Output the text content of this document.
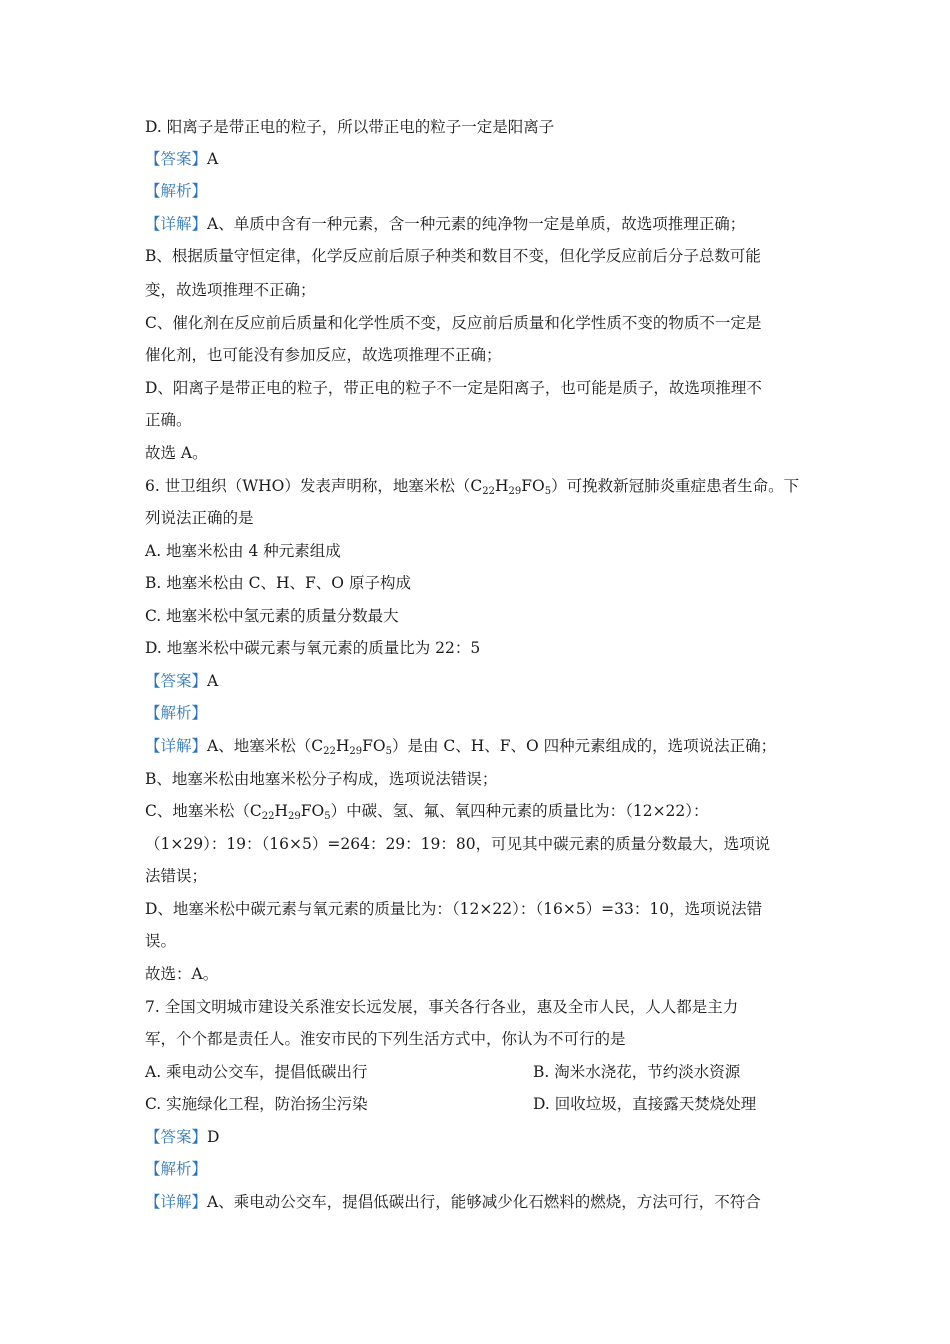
D. 阳离子是带正电的粒子，所以带正电的粒子一定是阳离子
【答案】A
【解析】
【详解】A、单质中含有一种元素，含一种元素的纯净物一定是单质，故选项推理正确；
B、根据质量守恒定律，化学反应前后原子种类和数目不变，但化学反应前后分子总数可能
变，故选项推理不正确；
C、催化剂在反应前后质量和化学性质不变，反应前后质量和化学性质不变的物质不一定是
催化剂，也可能没有参加反应，故选项推理不正确；
D、阳离子是带正电的粒子，带正电的粒子不一定是阳离子，也可能是质子，故选项推理不
正确。
故选 A。
6. 世卫组织（WHO）发表声明称，地塞米松$(C_{22}H_{29}FO_5)$可挽救新冠肺炎重症患者生命。下
列说法正确的是
A. 地塞米松由 4 种元素组成
B. 地塞米松由 C、H、F、O 原子构成
C. 地塞米松中氢元素的质量分数最大
D. 地塞米松中碳元素与氧元素的质量比为 22：5
【答案】A
【解析】
【详解】A、地塞米松$(C_{22}H_{29}FO_5)$是由 C、H、F、O 四种元素组成的，选项说法正确；
B、地塞米松由地塞米松分子构成，选项说法错误；
C、地塞米松$(C_{22}H_{29}FO_5)$中碳、氢、氟、氧四种元素的质量比为：（12×22）：
（1×29）：19：（16×5）=264：29：19：80，可见其中碳元素的质量分数最大，选项说
法错误；
D、地塞米松中碳元素与氧元素的质量比为：（12×22）：（16×5）=33：10，选项说法错
误。
故选：A。
7. 全国文明城市建设关系淮安长远发展，事关各行各业，惠及全市人民，人人都是主力
军，个个都是责任人。淮安市民的下列生活方式中，你认为不可行的是
A. 乘电动公交车，提倡低碳出行	B. 淘米水浇花，节约淡水资源
C. 实施绿化工程，防治扬尘污染	D. 回收垃圾，直接露天焚烧处理
【答案】D
【解析】
【详解】A、乘电动公交车，提倡低碳出行，能够减少化石燃料的燃烧，方法可行，不符合
